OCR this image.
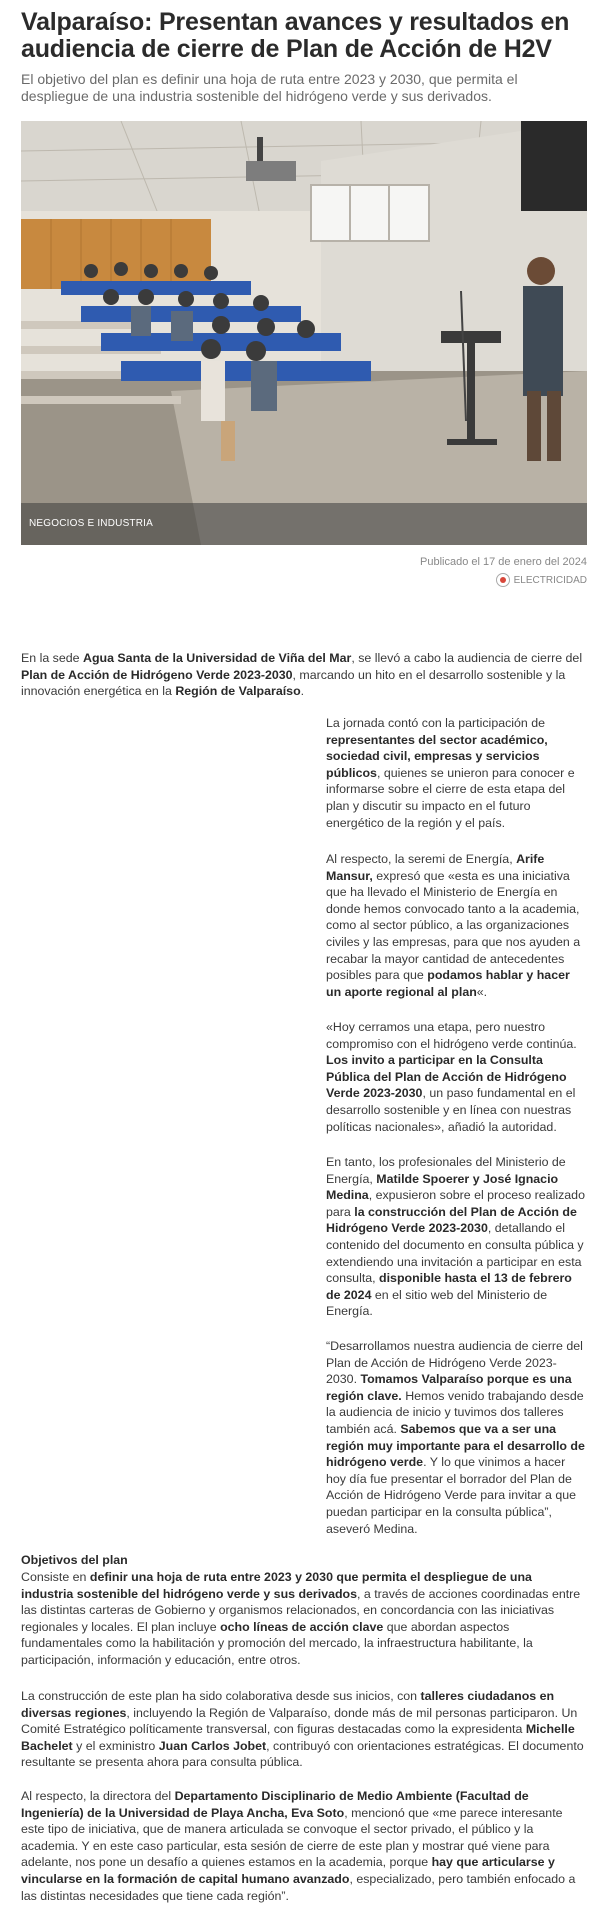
Valparaíso: Presentan avances y resultados en audiencia de cierre de Plan de Acción de H2V

El objetivo del plan es definir una hoja de ruta entre 2023 y 2030, que permita el despliegue de una industria sostenible del hidrógeno verde y sus derivados.

NEGOCIOS E INDUSTRIA
Publicado el 17 de enero del 2024
ELECTRICIDAD

En la sede Agua Santa de la Universidad de Viña del Mar, se llevó a cabo la audiencia de cierre del Plan de Acción de Hidrógeno Verde 2023-2030, marcando un hito en el desarrollo sostenible y la innovación energética en la Región de Valparaíso.

La jornada contó con la participación de representantes del sector académico, sociedad civil, empresas y servicios públicos, quienes se unieron para conocer e informarse sobre el cierre de esta etapa del plan y discutir su impacto en el futuro energético de la región y el país.

Al respecto, la seremi de Energía, Arife Mansur, expresó que «esta es una iniciativa que ha llevado el Ministerio de Energía en donde hemos convocado tanto a la academia, como al sector público, a las organizaciones civiles y las empresas, para que nos ayuden a recabar la mayor cantidad de antecedentes posibles para que podamos hablar y hacer un aporte regional al plan«.

«Hoy cerramos una etapa, pero nuestro compromiso con el hidrógeno verde continúa. Los invito a participar en la Consulta Pública del Plan de Acción de Hidrógeno Verde 2023-2030, un paso fundamental en el desarrollo sostenible y en línea con nuestras políticas nacionales», añadió la autoridad.

En tanto, los profesionales del Ministerio de Energía, Matilde Spoerer y José Ignacio Medina, expusieron sobre el proceso realizado para la construcción del Plan de Acción de Hidrógeno Verde 2023-2030, detallando el contenido del documento en consulta pública y extendiendo una invitación a participar en esta consulta, disponible hasta el 13 de febrero de 2024 en el sitio web del Ministerio de Energía.

“Desarrollamos nuestra audiencia de cierre del Plan de Acción de Hidrógeno Verde 2023-2030. Tomamos Valparaíso porque es una región clave. Hemos venido trabajando desde la audiencia de inicio y tuvimos dos talleres también acá. Sabemos que va a ser una región muy importante para el desarrollo de hidrógeno verde. Y lo que vinimos a hacer hoy día fue presentar el borrador del Plan de Acción de Hidrógeno Verde para invitar a que puedan participar en la consulta pública”, aseveró Medina.

Objetivos del plan

Consiste en definir una hoja de ruta entre 2023 y 2030 que permita el despliegue de una industria sostenible del hidrógeno verde y sus derivados, a través de acciones coordinadas entre las distintas carteras de Gobierno y organismos relacionados, en concordancia con las iniciativas regionales y locales. El plan incluye ocho líneas de acción clave que abordan aspectos fundamentales como la habilitación y promoción del mercado, la infraestructura habilitante, la participación, información y educación, entre otros.

La construcción de este plan ha sido colaborativa desde sus inicios, con talleres ciudadanos en diversas regiones, incluyendo la Región de Valparaíso, donde más de mil personas participaron. Un Comité Estratégico políticamente transversal, con figuras destacadas como la expresidenta Michelle Bachelet y el exministro Juan Carlos Jobet, contribuyó con orientaciones estratégicas. El documento resultante se presenta ahora para consulta pública.

Al respecto, la directora del Departamento Disciplinario de Medio Ambiente (Facultad de Ingeniería) de la Universidad de Playa Ancha, Eva Soto, mencionó que «me parece interesante este tipo de iniciativa, que de manera articulada se convoque el sector privado, el público y la academia. Y en este caso particular, esta sesión de cierre de este plan y mostrar qué viene para adelante, nos pone un desafío a quienes estamos en la academia, porque hay que articularse y vincularse en la formación de capital humano avanzado, especializado, pero también enfocado a las distintas necesidades que tiene cada región”.
